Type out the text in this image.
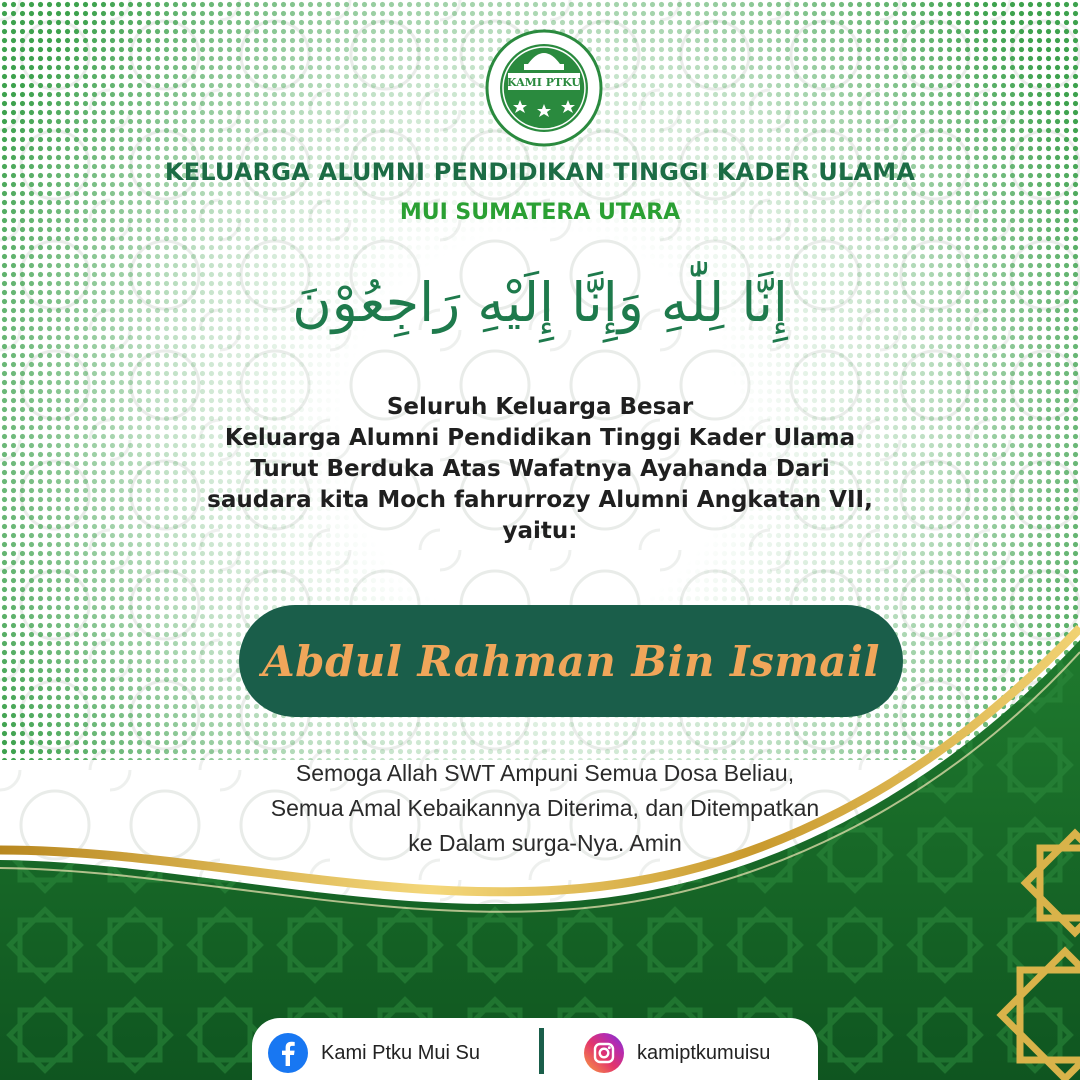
KAMI PTKU
KELUARGA ALUMNI PENDIDIKAN TINGGI KADER ULAMA
MUI SUMATERA UTARA
إِنَّا لِلّٰهِ وَإِنَّا إِلَيْهِ رَاجِعُوْنَ
Seluruh Keluarga Besar
Keluarga Alumni Pendidikan Tinggi Kader Ulama
Turut Berduka Atas Wafatnya Ayahanda Dari
saudara kita Moch fahrurrozy Alumni Angkatan VII,
yaitu:
Abdul Rahman Bin Ismail
Semoga Allah SWT Ampuni Semua Dosa Beliau,
Semua Amal Kebaikannya Diterima, dan Ditempatkan
ke Dalam surga-Nya. Amin
Kami Ptku Mui Su	kamiptkumuisu
